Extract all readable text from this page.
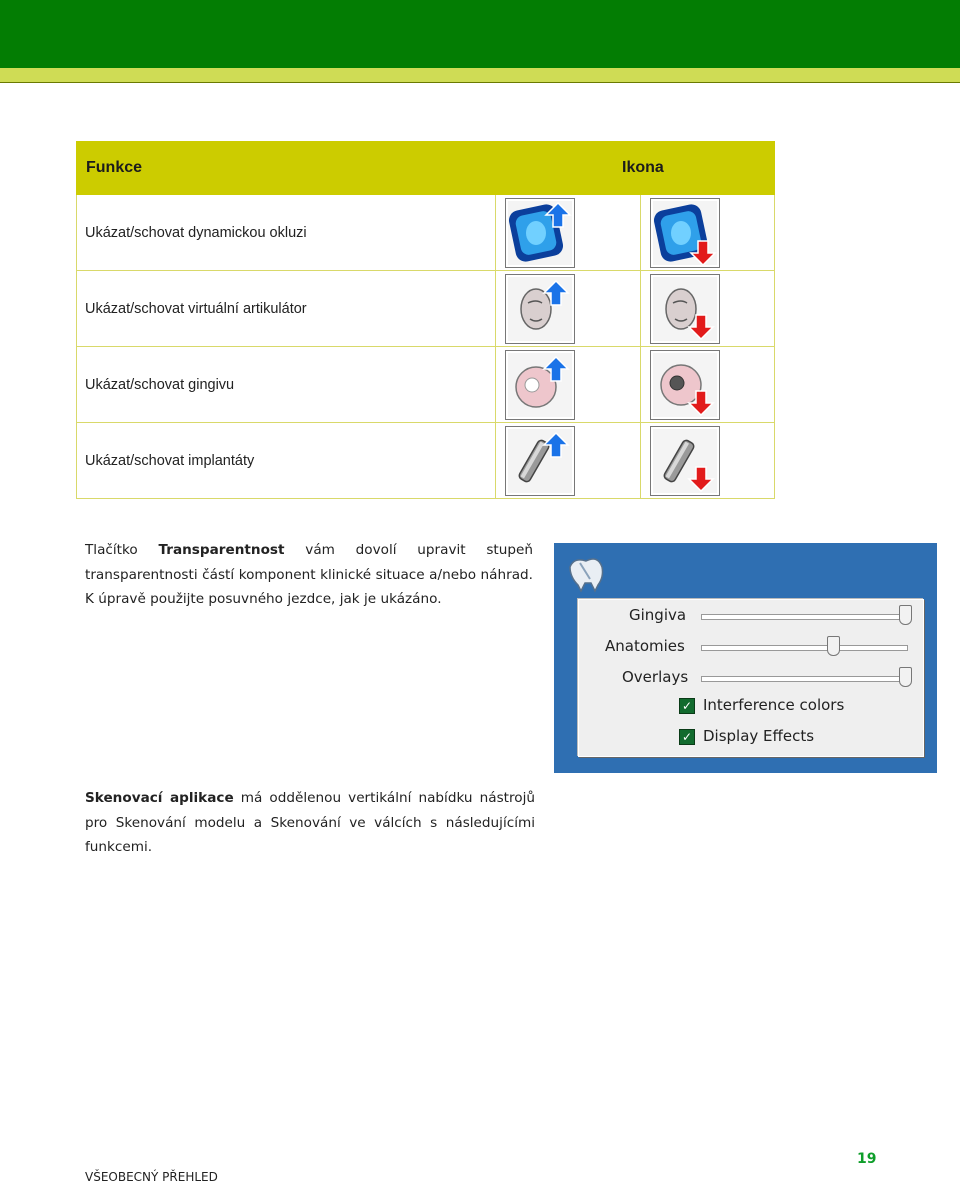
Funkce	Ikona	
Ukázat/schovat dynamickou okluzi	

Ukázat/schovat virtuální artikulátor	

Ukázat/schovat gingivu	

Ukázat/schovat implantáty	

Tlačítko Transparentnost vám dovolí upravit stupeň transparentnosti částí komponent klinické situace a/nebo náhrad. K úpravě použijte posuvného jezdce, jak je ukázáno.
Gingiva
Anatomies
Overlays
✓ Interference colors
✓ Display Effects
Skenovací aplikace má oddělenou vertikální nabídku nástrojů pro Skenování modelu a Skenování ve válcích s následujícími funkcemi.
VŠEOBECNÝ PŘEHLED
19
